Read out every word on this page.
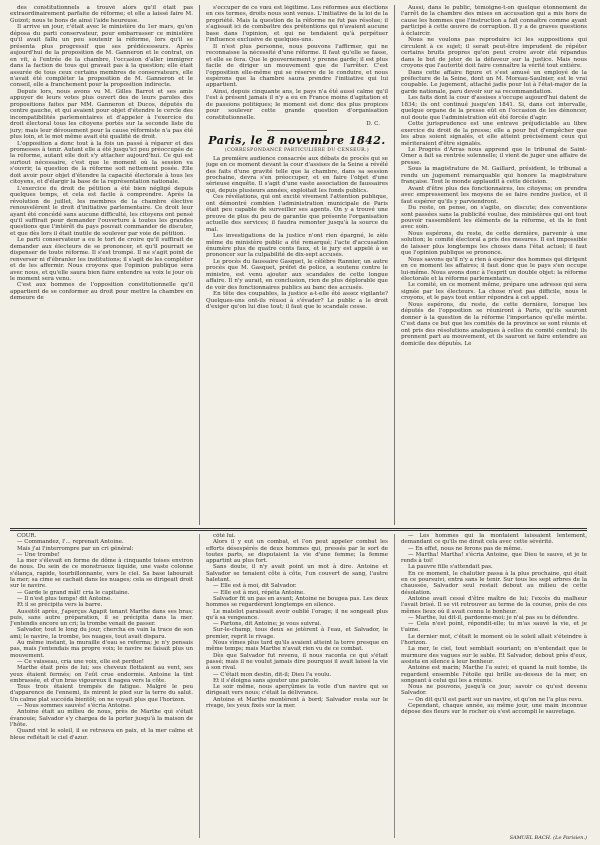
des constitutionnels a trouvé alors qu'il était pas extraordinairement parfaite de réforme; et elle a laissé faire M. Guizot; nous te bons de ainsi l'aide heureuse.

Il arrive un jour, c'était avec le ministère du 1er mars, qu'on déposa du parti conservateur, pour embarrasser ce ministère qu'il avait fallu un peu soutenir la réforme, lors qu'il se présenta plus progressif que ses prédécesseurs. Après aujourd'hui de la proposition de M. Ganneron et le contrat, on en vit, à l'entrée de la chambre, l'occasion d'aller immigrer dans la faction de tous qui gravait pas à la question; elle était assurée de tous ceux certains membres de conservateurs, elle n'avait été compléter la proposition de M. Ganneron et le conseil, elle a franchement pour la proposition indirecte.

Depuis lors, nous avons vu M. Gilles Barrot et ses amis appuyer de leurs votes plus ouvert des de leurs paroles des propositions faites par MM. Ganneron et Ducos, députés du centre gauche, et qui avaient pour objet d'étendre le cercle des incompatibilités parlementaires et d'appeler à l'exercice du droit électoral tous les citoyens portés sur la seconde liste du jury; mais leur dévouement pour la cause réformiste n'a pas été plus loin, et le mot même avait été qualifié de droit.

L'opposition a donc tout à la fois un passé à réparer et des promesses à tenir. Autant elle a été jusqu'ici peu préoccupée de la réforme, autant elle doit s'y attacher aujourd'hui. Ce qui est surtout nécessaire, c'est que le moment où la session va s'ouvrir, la question de la réforme soit nettement posée. Elle doit avoir pour objet d'étendre la capacité électorale à tous les citoyens, et d'élargir la base de la représentation nationale.

L'exercice du droit de pétition a été bien négligé depuis quelques temps, et cela est facile à comprendre. Après la révolution de juillet, les membres de la chambre élective renouvelèrent le droit d'initiative parlementaire. Ce droit leur ayant été concédé sans aucune difficulté, les citoyens ont pensé qu'il suffirait pour demander l'ouverture à toutes les grandes questions que l'intérêt du pays pouvait commander de discuter, et que dès lors il était inutile de soulever par voie de pétition.

Le parti conservateur a eu le tort de croire qu'il suffirait de demander aux électeurs de se prononcer, et qu'il pourrait se dispenser de toute réforme. Il s'est trompé. Il ne s'agit point de renverser ni d'ébranler les institutions; il s'agit de les compléter et de les affermir. Nous croyons que l'opinion publique sera avec nous, et qu'elle saura bien faire entendre sa voix le jour où le moment sera venu.

C'est aux hommes de l'opposition constitutionnelle qu'il appartient de se conformer au droit pour mettre la chambre en demeure de

s'occuper de ce vœu est légitime. Les réformes aux élections en ces termes, droits nous sont venus. L'initiative de la loi de la propriété. Mais la question de la réforme ne fut pas résolue; il s'agissait ici de combattre des prétentions qui n'avaient aucune base dans l'opinion, et qui ne tendaient qu'à perpétuer l'influence exclusive de quelques-uns.

Il n'est plus personne, nous pouvons l'affirmer, qui ne reconnaisse la nécessité d'une réforme. Il faut qu'elle se fasse, et elle se fera. Que le gouvernement y prenne garde; il est plus facile de diriger un mouvement que de l'arrêter. C'est l'opposition elle-même qui se réserve de le conduire, et nous espérons que la chambre saura prendre l'initiative qui lui appartient.

Ainsi, depuis cinquante ans, le pays n'a été aussi calme qu'il l'est à présent jamais il n'y a eu en France moins d'agitation et de passions politiques; le moment est donc des plus propices pour soulever cette grande question d'organisation constitutionnelle.

D. C.
Paris, le 8 novembre 1842.
(CORRESPONDANCE PARTICULIÈRE DU CENSEUR.)

La première audience consacrée aux débats de procès qui se juge en ce moment devant la cour d'assises de la Seine a révélé des faits d'une gravité telle que la chambre, dans sa session prochaine, devra s'en préoccuper, et en faire l'objet d'une sérieuse enquête. Il s'agit d'une vaste association de faussaires qui, depuis plusieurs années, exploitait les fonds publics.

Ces révélations, qui ont excité vivement l'attention publique, ont démontré combien l'administration municipale de Paris était peu capable de surveiller ses agents. On y a trouvé une preuve de plus du peu de garantie que présente l'organisation actuelle des services; il faudra remonter jusqu'à la source du mal.

Les investigations de la justice n'ont rien épargné, le zèle même du ministère public a été remarqué; l'acte d'accusation énumère plus de quatre cents faux, et le jury est appelé à se prononcer sur la culpabilité de dix-sept accusés.

Le procès du faussaire Gasquet, le célèbre Rannier, un autre procès que M. Gasquet, préfet de police, a soutenu contre le ministre, est venu ajouter aux scandales de cette longue affaire. Il n'y aurait, en conclusion, rien de plus déplorable que de voir des fonctionnaires publics au banc des accusés.

En tête des coupables, la justice a-t-elle été assez vigilante? Quelques-uns ont-ils réussi à s'évader? Le public a le droit d'exiger qu'on lui dise tout; il faut que le scandale cesse.

Aussi, dans le public, témoigne-t-on quelque étonnement de l'arrêt de la chambre des mises en accusation qui a mis hors de cause les hommes que l'instruction a fait connaître comme ayant participé à cette œuvre de corruption. Il y a de graves questions à éclaircir.

Nous ne voulons pas reproduire ici les suppositions qui circulent à ce sujet; il serait peut-être imprudent de répéter certains bruits propres qu'on peut croire avoir été répandus dans le but de jeter de la défaveur sur la justice. Mais nous croyons que l'autorité doit faire connaître la vérité tout entière.

Dans cette affaire figure et s'est amusé un employé de la préfecture de la Seine, dont un M. Moreau-Saulnier, est le vrai coupable. Le jugement, attaché jadis pour lui à l'état-major de la garde nationale, paru devoir sur sa recommandation.

Les faits dont la cour d'assises s'occupe aujourd'hui datent de 1834; ils ont continué jusqu'en 1841. Si, dans cet intervalle, quelque organe de la presse eût en l'occasion de les dénoncer, nul doute que l'administration eût été forcée d'agir.

Cette jurisprudence est une entrave préjudiciable au libre exercice du droit de la presse; elle a pour but d'empêcher que les abus soient signalés, et elle atteint précisément ceux qui mériteraient d'être signalés.

Le Progrès d'Arras nous apprend que le tribunal de Saint-Omer a fait sa rentrée solennelle; il vient de juger une affaire de presse.

Sous la magistrature de M. Gaillard, président, le tribunal a rendu un jugement remarquable qui honore la magistrature française. Tout le monde applaudit à cette décision.

Avant d'être plus des fonctionnaires, les citoyens; on prendra avec empressement les moyens de se faire rendre justice, et il faut espérer qu'ils y parviendront.

Du reste, on pense, on s'agite, on discute; des conventions sont passées sans la publicité voulue, des ministères qui ont tout pouvoir rassemblent les éléments de la réforme, et ils le font avec soin.

Nous espérons, du reste, de cette dernière, parvenir à une solution; le comité électoral a pris des mesures. Il est impossible de laisser plus longtemps les choses dans l'état actuel; il faut que l'opinion publique se prononce.

Nous savons qu'il n'y a rien à espérer des hommes qui dirigent en ce moment les affaires; il faut donc que le pays s'en occupe lui-même. Nous avons donc à l'esprit un double objet: la réforme électorale et la réforme parlementaire.

Le comité, en ce moment même, prépare une adresse qui sera signée par les électeurs. La chose n'est pas difficile, nous le croyons, et le pays tout entier répondra à cet appel.

Nous espérons, du reste, de cette dernière, lorsque les députés de l'opposition se réuniront à Paris, qu'ils sauront donner à la question de la réforme l'importance qu'elle mérite. C'est dans ce but que les comités de la province se sont réunis et ont pris des résolutions analogues à celles du comité central; ils prennent part au mouvement, et ils sauront se faire entendre au domicile des députés. Le

COUR.

— Commandez, l'... reprenait Antoine.

Mais j'ai l'interrompre par un cri général:

— Une trombe!

La mer s'élevait en forme de dôme à cinquante toises environ de nous. Du sein de ce monstrueux liquide, une vaste colonne s'élança, rapide, tourbillonnante, vers le ciel. Sa base labourait la mer; sa cime se cachait dans les nuages; cela se dirigeait droit sur le navire.

— Garde le grand mât! cria le capitaine.

— Il n'est plus temps! dit Antoine.

Et il se précipita vers la barre.

Aussitôt après, j'aperçus Agapit tenant Marthe dans ses bras; puis, sans autre préparation, il se précipita dans la mer. J'entendis encore un cri; la trombe venait de passer.

Salvador, tout le long du jour, chercha en vain la trace de son ami; le navire, la trombe, les nuages, tout avait disparu.

Au même instant, la muraille d'eau se referma; je n'y pensais pas, mais j'entendais ma propre voix; le navire ne faisait plus un mouvement.

— Ce vaisseau, cria une voix, elle est perdue!

Marthe était près de lui; ses cheveux flottaient au vent, ses yeux étaient fermés; on l'eût crue endormie. Antoine la tint embrassée, et d'un bras vigoureux il nagea vers la côte.

Tous trois étaient trempés de fatigue. Malgré le peu d'apparence de l'ennemi, ils mirent le pied sur la terre du salut. Un calme plat succéda bientôt; on ne voyait plus que l'horizon.

— Nous sommes sauvés! s'écria Antoine.

Antoine était au milieu de nous, près de Marthe qui s'était évanouie; Salvador s'y chargea de la porter jusqu'à la maison de l'hôte.

Quand vint le soleil, il se retrouva en paix, et la mer calme et bleue reflétait le ciel d'azur.

côté lui.

Alors il y eut un combat, et l'on peut appeler combat les efforts désespérés de deux hommes qui, pressés par le sort de toutes parts, se disputaient la vie d'une femme; la femme appartint au plus fort.

Sans doute, il n'y avait point un mot à dire. Antoine et Salvador se tenaient côte à côte, l'un couvert de sang, l'autre haletant.

— Elle est à moi, dit Salvador.

— Elle est à moi, répéta Antoine.

Salvador fit un pas en avant; Antoine ne bougea pas. Les deux hommes se regardèrent longtemps en silence.

Le matelot paraissait avoir oublié l'orage; il ne songeait plus qu'à sa vengeance.

— Partons, dit Antoine; je vous suivrai.

Sur-le-champ, tous deux se jetèrent à l'eau, et Salvador, le premier, reprit le rivage.

Nous vîmes plus tard qu'ils avaient atteint la terre presque en même temps; mais Marthe n'avait rien vu de ce combat.

Dès que Salvador fut revenu, il nous raconta ce qui s'était passé; mais il ne voulut jamais dire pourquoi il avait laissé la vie à son rival.

— C'était mon destin, dit-il; Dieu l'a voulu.

Et il s'éloigna sans ajouter une parole.

Le soir même, nous aperçûmes la voile d'un navire qui se dirigeait vers nous; c'était la délivrance.

Antoine et Marthe montèrent à bord; Salvador resta sur le rivage, les yeux fixés sur la mer.

— Les hommes qui la montaient laissaient lentement, demandant ce qu'ils me dirait cela avec cette sévérité.

— En effet, nous ne ferons pas de même.

— Martha! Martha! s'écria Antoine, que Dieu te sauve, et je te rends à toi!

La pauvre fille s'attendait pas.

En ce moment, le chalutier passa à la plus prochaine, qui était en ce poursuivi, entra sans le tenir. Sur tous les sept arbres de la chaussée, Salvador seul restait debout au milieu de cette désolation.

Antoine avait cessé d'être maître de lui; l'excès du malheur l'avait brisé. Il se vit retrouver au terme de la course, près de ces mêmes lieux où il avait connu le bonheur.

— Marthe, lui dit-il, pardonne-moi; je n'ai pas su te défendre.

— Cela n'est point, répondit-elle; tu m'as sauvé la vie, et je t'aime.

Le dernier mot, c'était le moment où le soleil allait s'éteindre à l'horizon.

La mer, le ciel, tout semblait souriant; on n'entendait que le murmure des vagues sur le sable. Et Salvador, debout près d'eux, assista en silence à leur bonheur.

Antoine est marin; Marthe l'a suivi; et quand la nuit tombe, ils regardent ensemble l'étoile qui brille au-dessus de la mer, en songeant à celui qui les a réunis.

Nous ne pouvons, jusqu'à ce jour, savoir ce qu'est devenu Salvador.

— On dit qu'il est parti sur un navire, et qu'on ne l'a plus revu.

Cependant, chaque année, au même jour, une main inconnue dépose des fleurs sur le rocher où s'est accompli le sauvetage.

SAMUEL BACH. (Le Parisien.)
